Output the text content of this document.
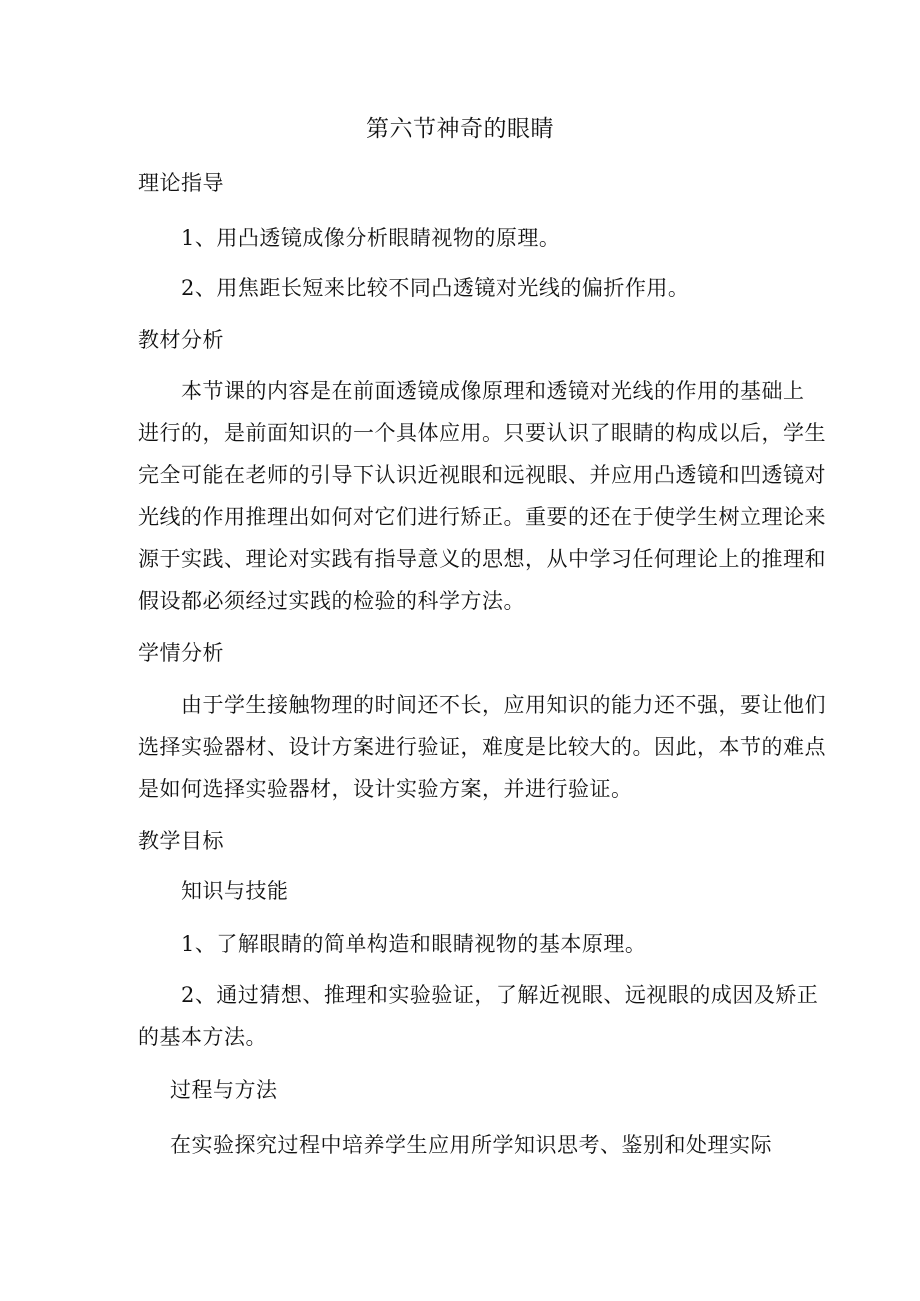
第六节神奇的眼睛
理论指导
1、用凸透镜成像分析眼睛视物的原理。
2、用焦距长短来比较不同凸透镜对光线的偏折作用。
教材分析
本节课的内容是在前面透镜成像原理和透镜对光线的作用的基础上
进行的，是前面知识的一个具体应用。只要认识了眼睛的构成以后，学生
完全可能在老师的引导下认识近视眼和远视眼、并应用凸透镜和凹透镜对
光线的作用推理出如何对它们进行矫正。重要的还在于使学生树立理论来
源于实践、理论对实践有指导意义的思想，从中学习任何理论上的推理和
假设都必须经过实践的检验的科学方法。
学情分析
由于学生接触物理的时间还不长，应用知识的能力还不强，要让他们
选择实验器材、设计方案进行验证，难度是比较大的。因此，本节的难点
是如何选择实验器材，设计实验方案，并进行验证。
教学目标
知识与技能
1、了解眼睛的简单构造和眼睛视物的基本原理。
2、通过猜想、推理和实验验证，了解近视眼、远视眼的成因及矫正
的基本方法。
过程与方法
在实验探究过程中培养学生应用所学知识思考、鉴别和处理实际
